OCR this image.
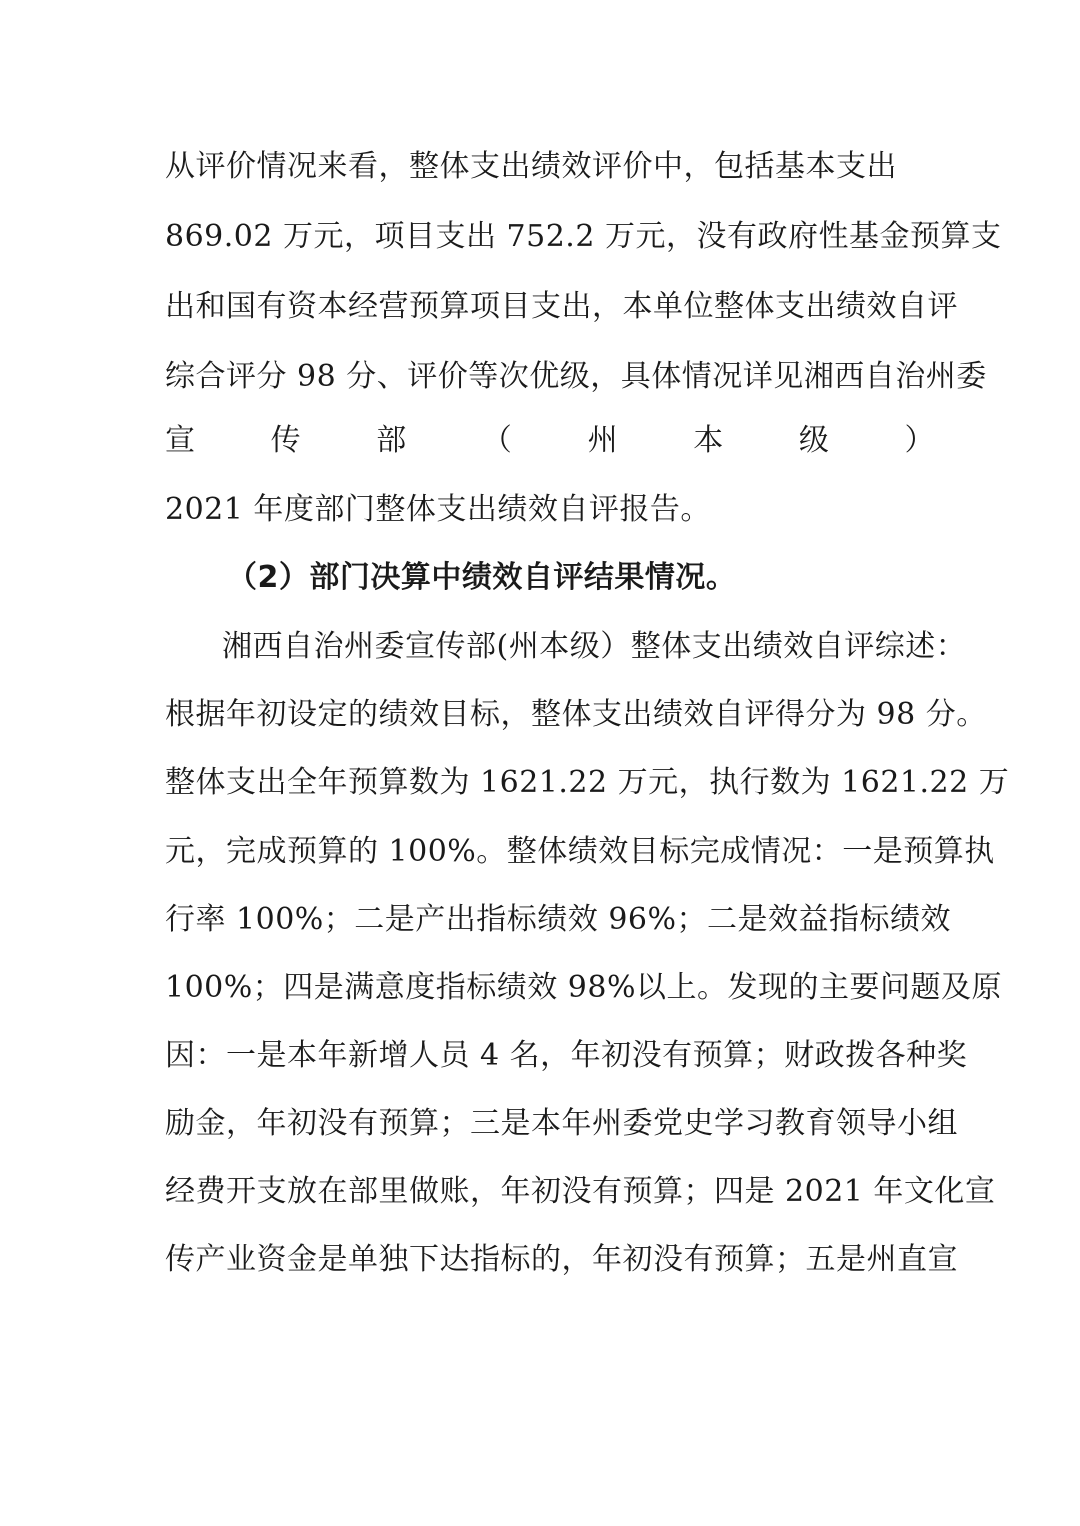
从评价情况来看，整体支出绩效评价中，包括基本支出
869.02 万元，项目支出 752.2 万元，没有政府性基金预算支
出和国有资本经营预算项目支出，本单位整体支出绩效自评
综合评分 98 分、评价等次优级，具体情况详见湘西自治州委
宣	传	部	（	州	本	级	）
2021 年度部门整体支出绩效自评报告。
（2）部门决算中绩效自评结果情况。
湘西自治州委宣传部(州本级）整体支出绩效自评综述：
根据年初设定的绩效目标，整体支出绩效自评得分为 98 分。
整体支出全年预算数为 1621.22 万元，执行数为 1621.22 万
元，完成预算的 100%。整体绩效目标完成情况：一是预算执
行率 100%；二是产出指标绩效 96%；二是效益指标绩效
100%；四是满意度指标绩效 98%以上。发现的主要问题及原
因：一是本年新增人员 4 名，年初没有预算；财政拨各种奖
励金，年初没有预算；三是本年州委党史学习教育领导小组
经费开支放在部里做账，年初没有预算；四是 2021 年文化宣
传产业资金是单独下达指标的，年初没有预算；五是州直宣
